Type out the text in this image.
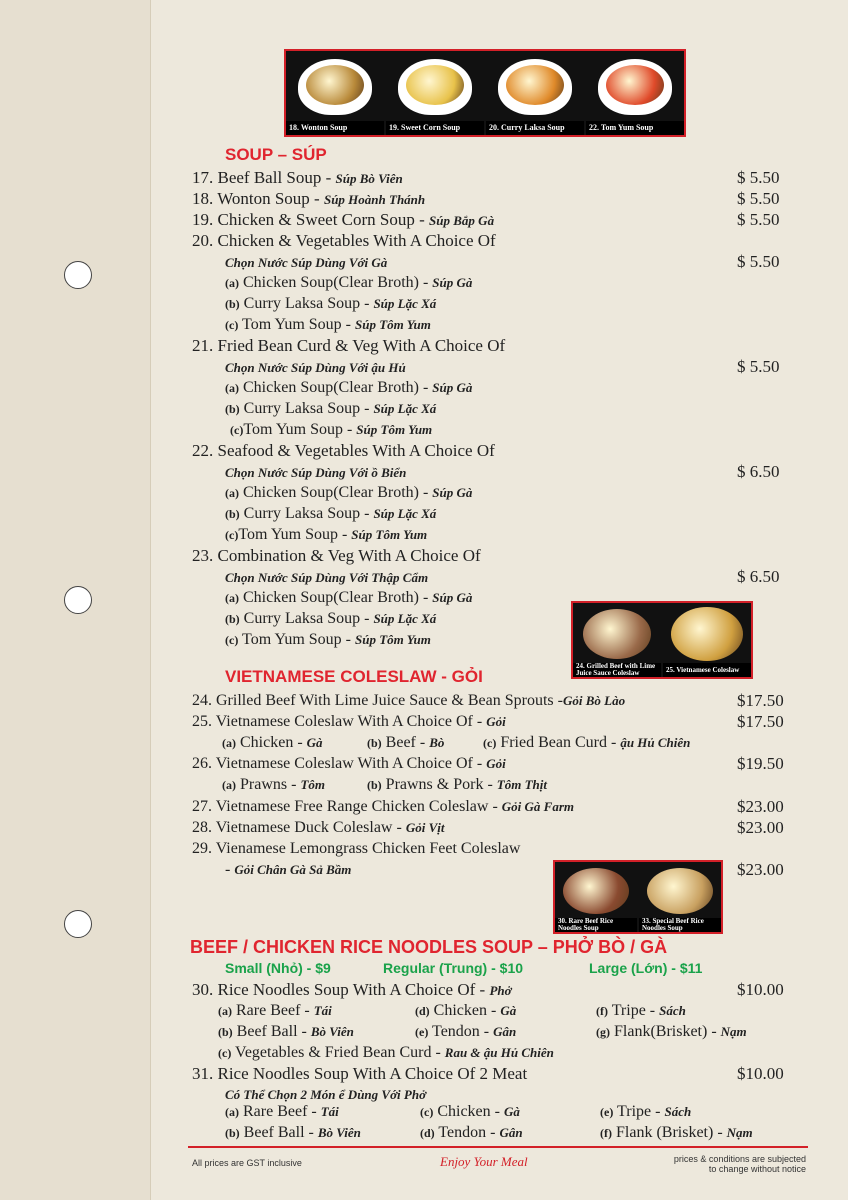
18. Wonton Soup	19. Sweet Corn Soup	20. Curry Laksa Soup	22. Tom Yum Soup
SOUP – SÚP
17. Beef Ball Soup - Súp Bò Viên	$ 5.50
18. Wonton Soup - Súp Hoành Thánh	$ 5.50
19. Chicken & Sweet Corn Soup - Súp Bắp Gà	$ 5.50
20. Chicken & Vegetables With A Choice Of
Chọn Nước Súp Dùng Với Gà	$ 5.50
(a) Chicken Soup(Clear Broth) - Súp Gà
(b) Curry Laksa Soup - Súp Lặc Xá
(c) Tom Yum Soup - Súp Tôm Yum
21. Fried Bean Curd & Veg With A Choice Of
Chọn Nước Súp Dùng Với ậu Hủ	$ 5.50
(a) Chicken Soup(Clear Broth) - Súp Gà
(b) Curry Laksa Soup - Súp Lặc Xá
(c)Tom Yum Soup - Súp Tôm Yum
22. Seafood & Vegetables With A Choice Of
Chọn Nước Súp Dùng Với ồ Biển	$ 6.50
(a) Chicken Soup(Clear Broth) - Súp Gà
(b) Curry Laksa Soup - Súp Lặc Xá
(c)Tom Yum Soup - Súp Tôm Yum
23. Combination & Veg With A Choice Of
Chọn Nước Súp Dùng Với Thập Cẩm	$ 6.50
(a) Chicken Soup(Clear Broth) - Súp Gà
(b) Curry Laksa Soup - Súp Lặc Xá
(c) Tom Yum Soup - Súp Tôm Yum
24. Grilled Beef with Lime Juice Sauce Coleslaw	25. Vietnamese Coleslaw
VIETNAMESE COLESLAW - GỎI
24. Grilled Beef With Lime Juice Sauce & Bean Sprouts -Gỏi Bò Lào	$17.50
25. Vietnamese Coleslaw With A Choice Of - Gỏi	$17.50
(a) Chicken - Gà	(b) Beef - Bò	(c) Fried Bean Curd - ậu Hủ Chiên
26. Vietnamese Coleslaw With A Choice Of - Gỏi	$19.50
(a) Prawns - Tôm	(b) Prawns & Pork - Tôm Thịt
27. Vietnamese Free Range Chicken Coleslaw - Gỏi Gà Farm	$23.00
28. Vietnamese Duck Coleslaw - Gỏi Vịt	$23.00
29. Vienamese Lemongrass Chicken Feet Coleslaw
- Gỏi Chân Gà Sả Bầm	$23.00
30. Rare Beef Rice Noodles Soup
33. Special Beef Rice Noodles Soup
BEEF / CHICKEN RICE NOODLES SOUP – PHỞ BÒ / GÀ
Small (Nhỏ) - $9	Regular (Trung) - $10	Large (Lớn) - $11
30. Rice Noodles Soup With A Choice Of - Phở	$10.00
(a) Rare Beef - Tái	(d) Chicken - Gà	(f) Tripe - Sách
(b) Beef Ball - Bò Viên	(e) Tendon - Gân	(g) Flank(Brisket) - Nạm
(c) Vegetables & Fried Bean Curd - Rau & ậu Hủ Chiên
31. Rice Noodles Soup With A Choice Of 2 Meat	$10.00
Có Thể Chọn 2 Món ể Dùng Với Phở
(a) Rare Beef - Tái	(c) Chicken - Gà	(e) Tripe - Sách
(b) Beef Ball - Bò Viên	(d) Tendon - Gân	(f) Flank (Brisket) - Nạm
All prices are GST inclusive	Enjoy Your Meal	prices & conditions are subjected
to change without notice
